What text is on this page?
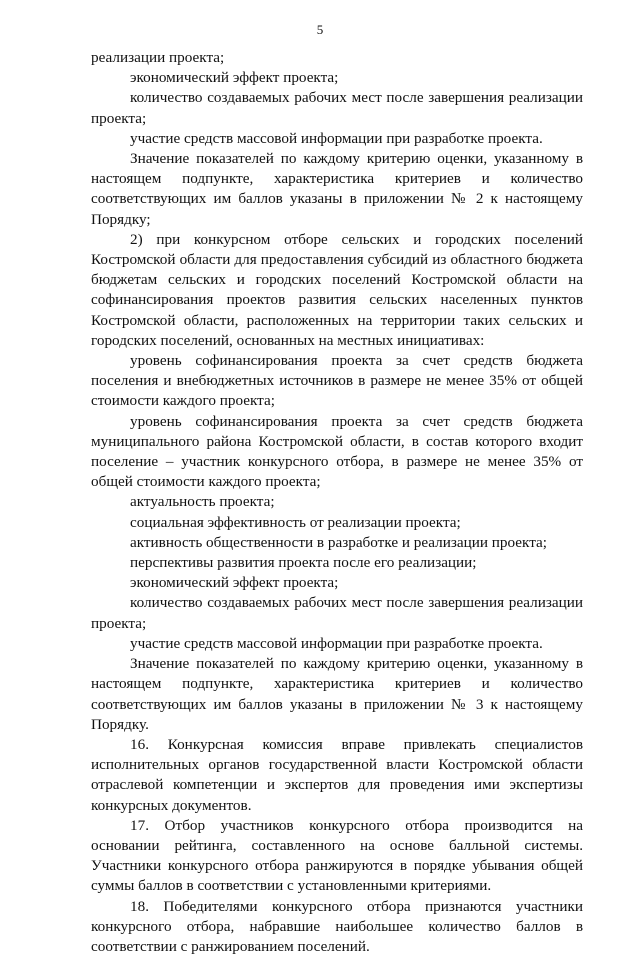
5

реализации проекта;

экономический эффект проекта;

количество создаваемых рабочих мест после завершения реализации проекта;

участие средств массовой информации при разработке проекта.

Значение показателей по каждому критерию оценки, указанному в настоящем подпункте, характеристика критериев и количество соответствующих им баллов указаны в приложении № 2 к настоящему Порядку;

2) при конкурсном отборе сельских и городских поселений Костромской области для предоставления субсидий из областного бюджета бюджетам сельских и городских поселений Костромской области на софинансирования проектов развития сельских населенных пунктов Костромской области, расположенных на территории таких сельских и городских поселений, основанных на местных инициативах:

уровень софинансирования проекта за счет средств бюджета поселения и внебюджетных источников в размере не менее 35% от общей стоимости каждого проекта;

уровень софинансирования проекта за счет средств бюджета муниципального района Костромской области, в состав которого входит поселение – участник конкурсного отбора, в размере не менее 35% от общей стоимости каждого проекта;

актуальность проекта;

социальная эффективность от реализации проекта;

активность общественности в разработке и реализации проекта;

перспективы развития проекта после его реализации;

экономический эффект проекта;

количество создаваемых рабочих мест после завершения реализации проекта;

участие средств массовой информации при разработке проекта.

Значение показателей по каждому критерию оценки, указанному в настоящем подпункте, характеристика критериев и количество соответствующих им баллов указаны в приложении № 3 к настоящему Порядку.

16. Конкурсная комиссия вправе привлекать специалистов исполнительных органов государственной власти Костромской области отраслевой компетенции и экспертов для проведения ими экспертизы конкурсных документов.

17. Отбор участников конкурсного отбора производится на основании рейтинга, составленного на основе балльной системы. Участники конкурсного отбора ранжируются в порядке убывания общей суммы баллов в соответствии с установленными критериями.

18. Победителями конкурсного отбора признаются участники конкурсного отбора, набравшие наибольшее количество баллов в соответствии с ранжированием поселений.
